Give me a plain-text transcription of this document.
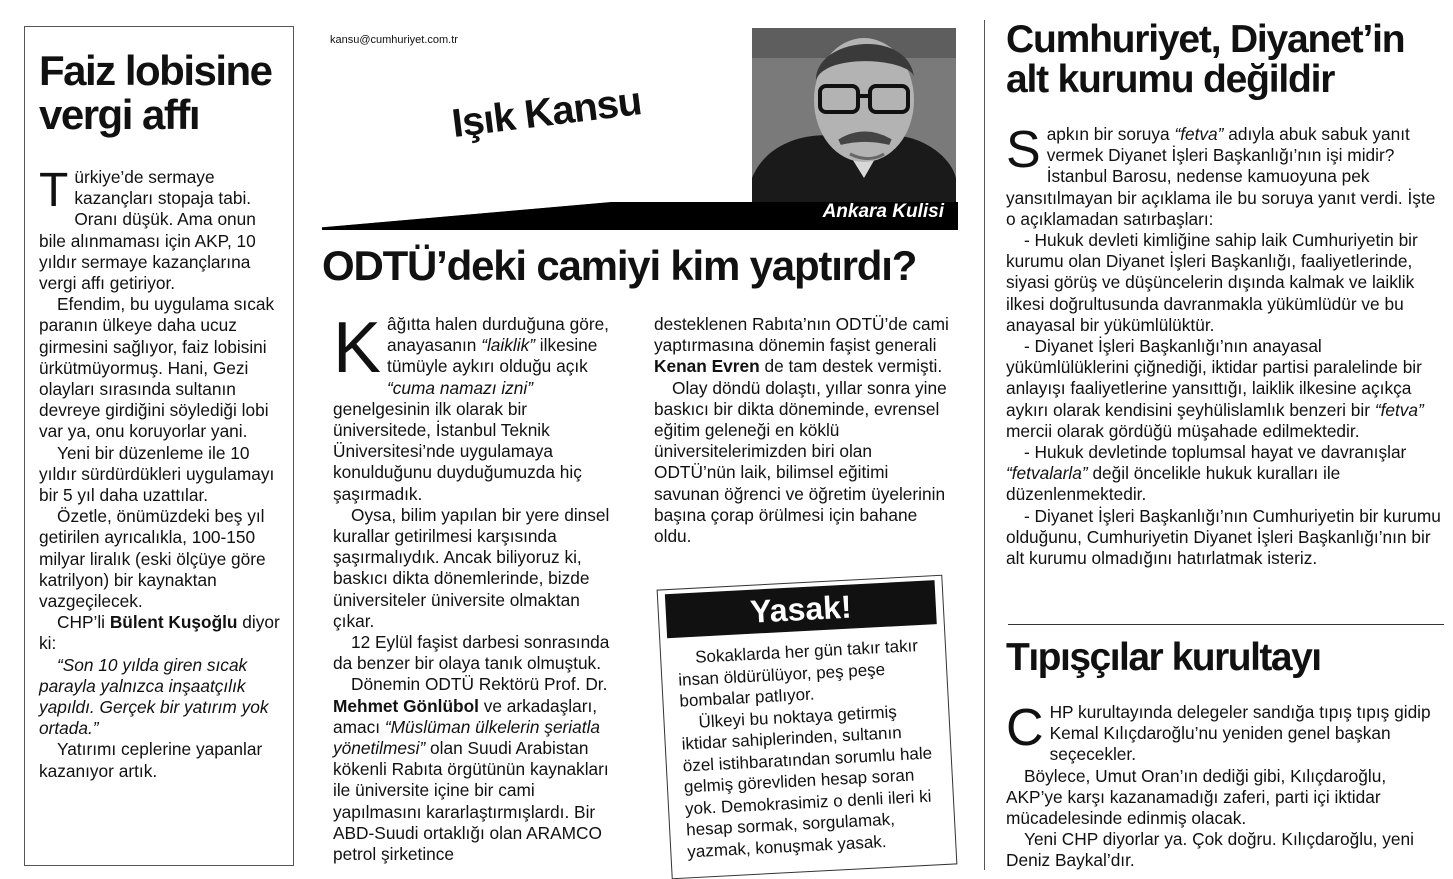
Faiz lobisine vergi affı

Türkiye’de sermaye kazançları stopaja tabi. Oranı düşük. Ama onun bile alınmaması için AKP, 10 yıldır sermaye kazançlarına vergi affı getiriyor.

Efendim, bu uygulama sıcak paranın ülkeye daha ucuz girmesini sağlıyor, faiz lobisini ürkütmüyormuş. Hani, Gezi olayları sırasında sultanın devreye girdiğini söylediği lobi var ya, onu koruyorlar yani.

Yeni bir düzenleme ile 10 yıldır sürdürdükleri uygulamayı bir 5 yıl daha uzattılar.

Özetle, önümüzdeki beş yıl getirilen ayrıcalıkla, 100-150 milyar liralık (eski ölçüye göre katrilyon) bir kaynaktan vazgeçilecek.

CHP’li Bülent Kuşoğlu diyor ki:

“Son 10 yılda giren sıcak parayla yalnızca inşaatçılık yapıldı. Gerçek bir yatırım yok ortada.”

Yatırımı ceplerine yapanlar kazanıyor artık.

kansu@cumhuriyet.com.tr
Işık Kansu
Ankara Kulisi
ODTÜ’deki camiyi kim yaptırdı?

Kâğıtta halen durduğuna göre, anayasanın “laiklik” ilkesine tümüyle aykırı olduğu açık “cuma namazı izni” genelgesinin ilk olarak bir üniversitede, İstanbul Teknik Üniversitesi’nde uygulamaya konulduğunu duyduğumuzda hiç şaşırmadık.

Oysa, bilim yapılan bir yere dinsel kurallar getirilmesi karşısında şaşırmalıydık. Ancak biliyoruz ki, baskıcı dikta dönemlerinde, bizde üniversiteler üniversite olmaktan çıkar.

12 Eylül faşist darbesi sonrasında da benzer bir olaya tanık olmuştuk.

Dönemin ODTÜ Rektörü Prof. Dr. Mehmet Gönlübol ve arkadaşları, amacı “Müslüman ülkelerin şeriatla yönetilmesi” olan Suudi Arabistan kökenli Rabıta örgütünün kaynakları ile üniversite içine bir cami yapılmasını kararlaştırmışlardı. Bir ABD-Suudi ortaklığı olan ARAMCO petrol şirketince

desteklenen Rabıta’nın ODTÜ’de cami yaptırmasına dönemin faşist generali Kenan Evren de tam destek vermişti.

Olay döndü dolaştı, yıllar sonra yine baskıcı bir dikta döneminde, evrensel eğitim geleneği en köklü üniversitelerimizden biri olan ODTÜ’nün laik, bilimsel eğitimi savunan öğrenci ve öğretim üyelerinin başına çorap örülmesi için bahane oldu.

Yasak!

Sokaklarda her gün takır takır insan öldürülüyor, peş peşe bombalar patlıyor.

Ülkeyi bu noktaya getirmiş iktidar sahiplerinden, sultanın özel istihbaratından sorumlu hale gelmiş görevliden hesap soran yok. Demokrasimiz o denli ileri ki hesap sormak, sorgulamak, yazmak, konuşmak yasak.

Cumhuriyet, Diyanet’in alt kurumu değildir

Sapkın bir soruya “fetva” adıyla abuk sabuk yanıt vermek Diyanet İşleri Başkanlığı’nın işi midir?

İstanbul Barosu, nedense kamuoyuna pek yansıtılmayan bir açıklama ile bu soruya yanıt verdi. İşte o açıklamadan satırbaşları:

- Hukuk devleti kimliğine sahip laik Cumhuriyetin bir kurumu olan Diyanet İşleri Başkanlığı, faaliyetlerinde, siyasi görüş ve düşüncelerin dışında kalmak ve laiklik ilkesi doğrultusunda davranmakla yükümlüdür ve bu anayasal bir yükümlülüktür.

- Diyanet İşleri Başkanlığı’nın anayasal yükümlülüklerini çiğnediği, iktidar partisi paralelinde bir anlayışı faaliyetlerine yansıttığı, laiklik ilkesine açıkça aykırı olarak kendisini şeyhülislamlık benzeri bir “fetva” mercii olarak gördüğü müşahade edilmektedir.

- Hukuk devletinde toplumsal hayat ve davranışlar “fetvalarla” değil öncelikle hukuk kuralları ile düzenlenmektedir.

- Diyanet İşleri Başkanlığı’nın Cumhuriyetin bir kurumu olduğunu, Cumhuriyetin Diyanet İşleri Başkanlığı’nın bir alt kurumu olmadığını hatırlatmak isteriz.

Tıpışçılar kurultayı

CHP kurultayında delegeler sandığa tıpış tıpış gidip Kemal Kılıçdaroğlu’nu yeniden genel başkan seçecekler.

Böylece, Umut Oran’ın dediği gibi, Kılıçdaroğlu, AKP’ye karşı kazanamadığı zaferi, parti içi iktidar mücadelesinde edinmiş olacak.

Yeni CHP diyorlar ya. Çok doğru. Kılıçdaroğlu, yeni Deniz Baykal’dır.
